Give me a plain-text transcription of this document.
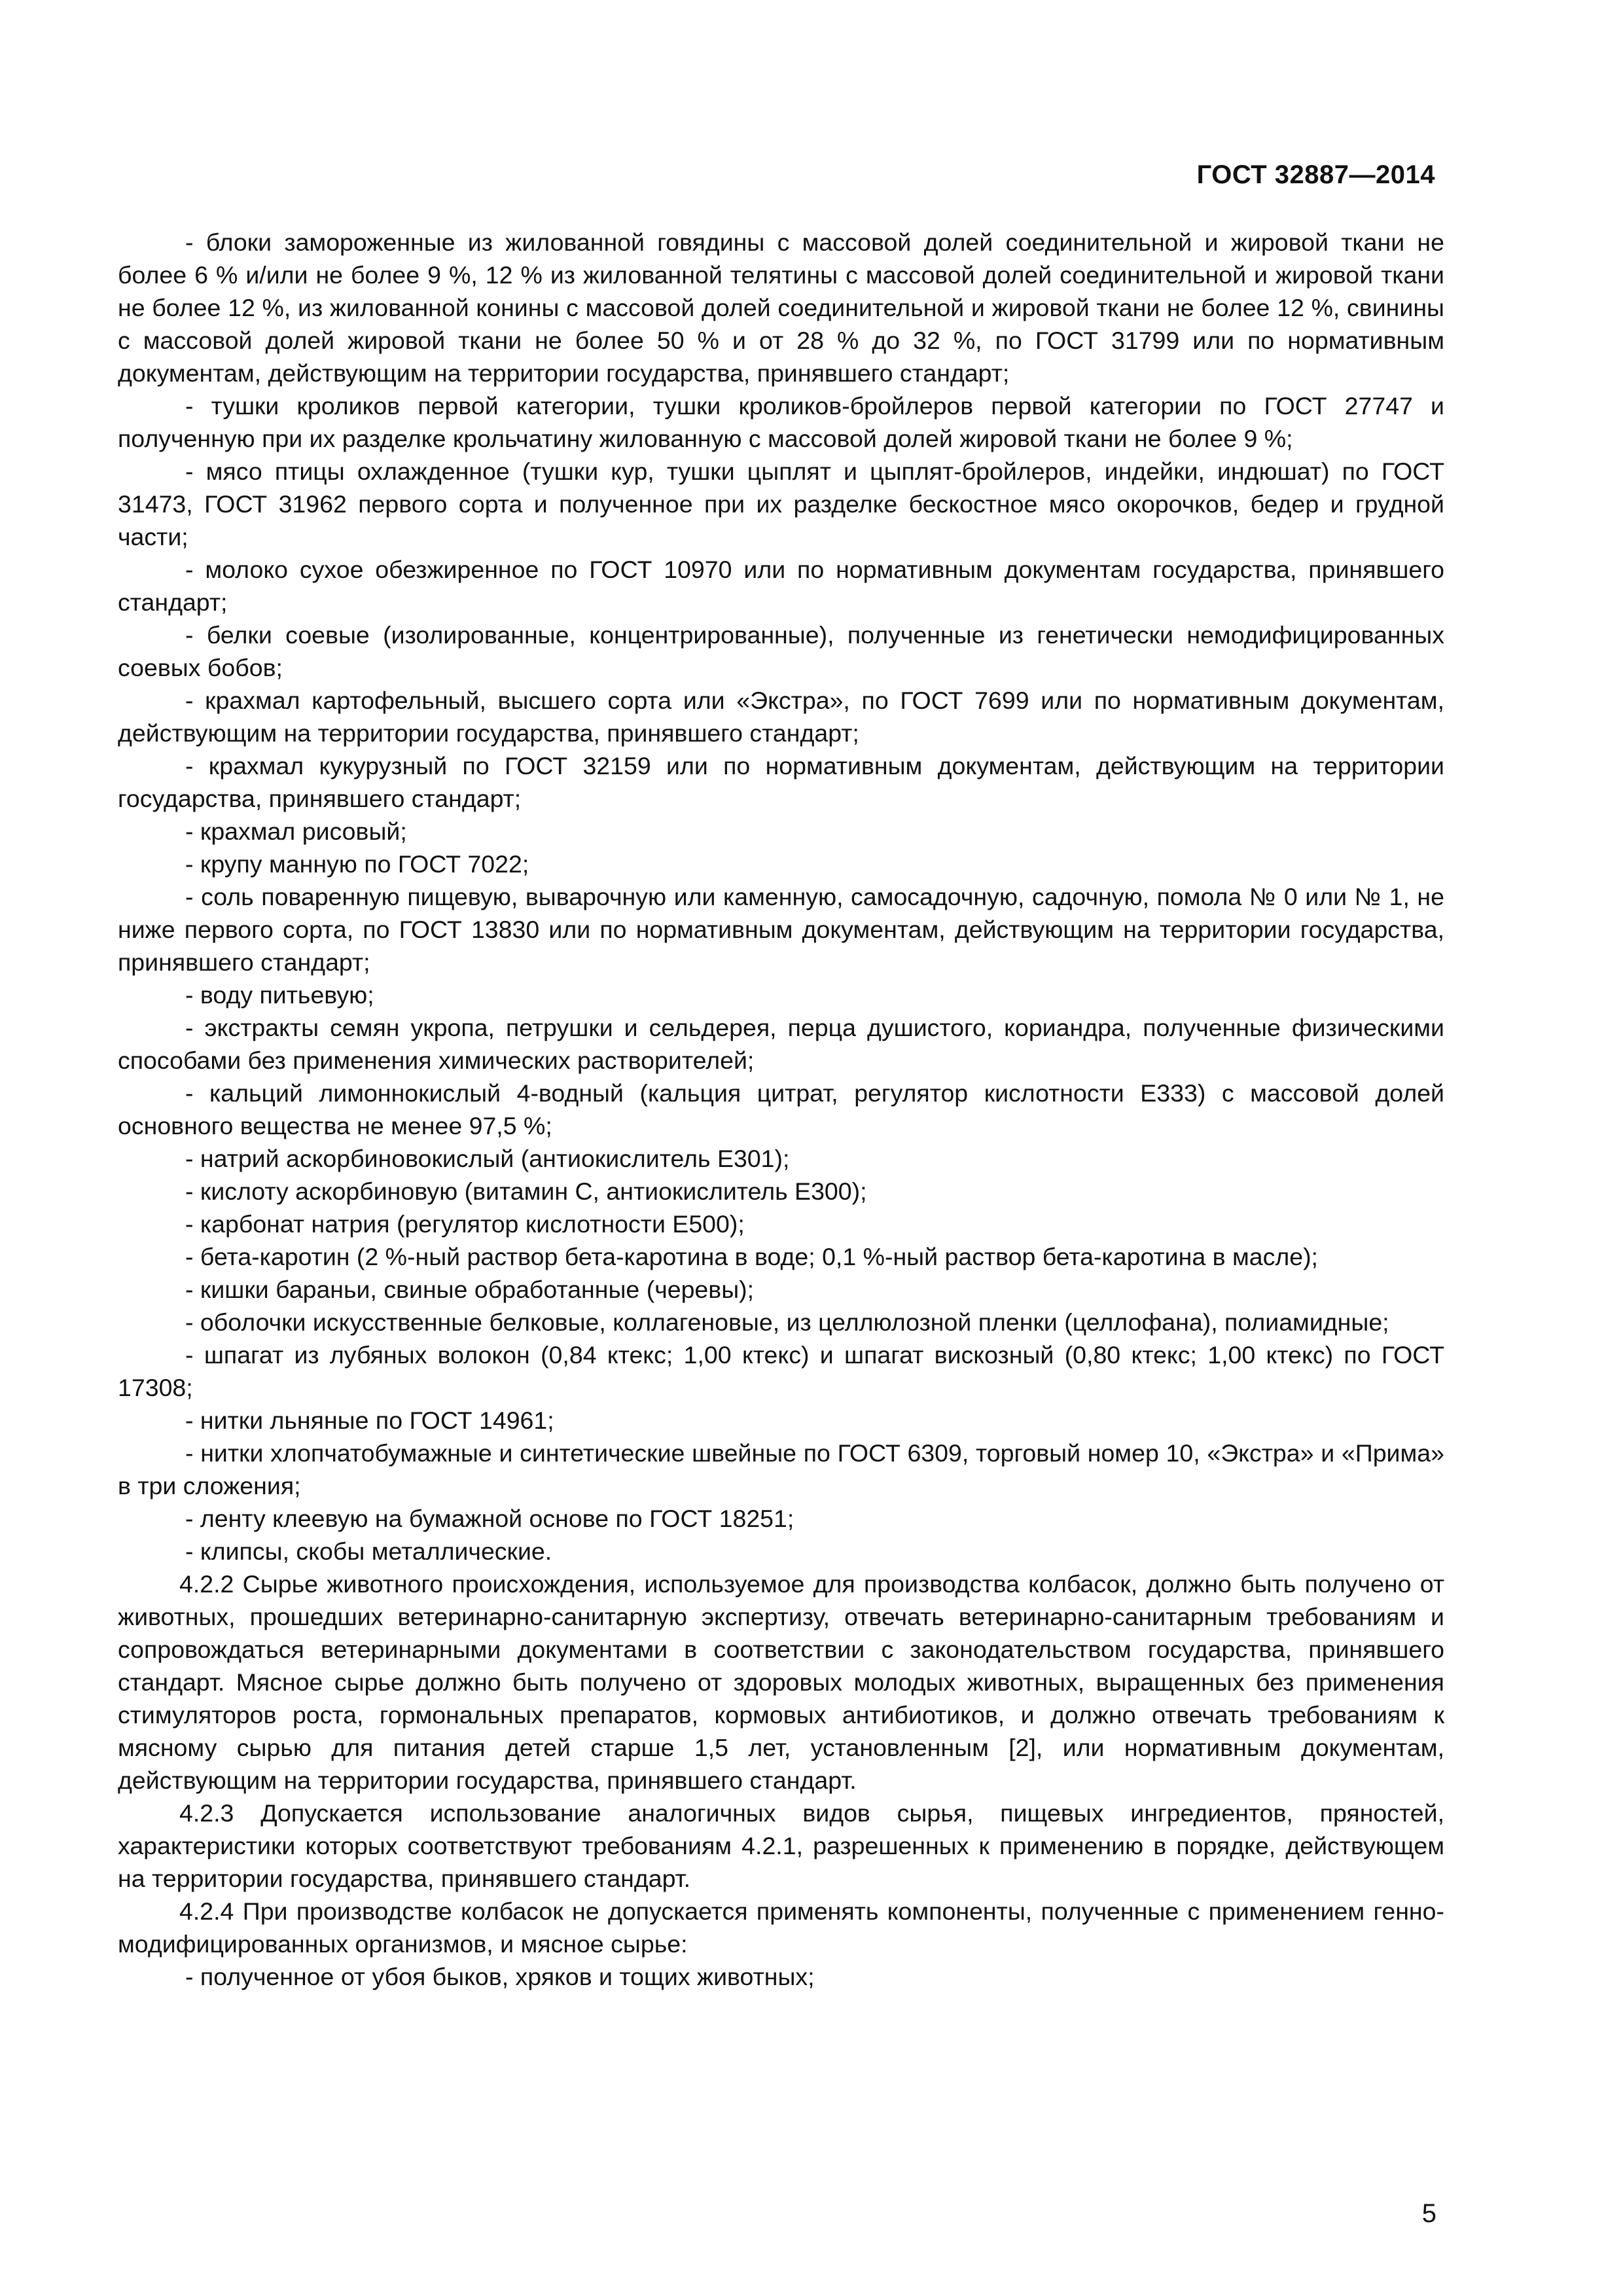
ГОСТ 32887—2014

- блоки замороженные из жилованной говядины с массовой долей соединительной и жировой ткани не более 6 % и/или не более 9 %, 12 % из жилованной телятины с массовой долей соединительной и жировой ткани не более 12 %, из жилованной конины с массовой долей соединительной и жировой ткани не более 12 %, свинины с массовой долей жировой ткани не более 50 % и от 28 % до 32 %, по ГОСТ 31799 или по нормативным документам, действующим на территории государства, принявшего стандарт;

- тушки кроликов первой категории, тушки кроликов-бройлеров первой категории по ГОСТ 27747 и полученную при их разделке крольчатину жилованную с массовой долей жировой ткани не более 9 %;

- мясо птицы охлажденное (тушки кур, тушки цыплят и цыплят-бройлеров, индейки, индюшат) по ГОСТ 31473, ГОСТ 31962 первого сорта и полученное при их разделке бескостное мясо окорочков, бедер и грудной части;

- молоко сухое обезжиренное по ГОСТ 10970 или по нормативным документам государства, принявшего стандарт;

- белки соевые (изолированные, концентрированные), полученные из генетически немодифицированных соевых бобов;

- крахмал картофельный, высшего сорта или «Экстра», по ГОСТ 7699 или по нормативным документам, действующим на территории государства, принявшего стандарт;

- крахмал кукурузный по ГОСТ 32159 или по нормативным документам, действующим на территории государства, принявшего стандарт;

- крахмал рисовый;

- крупу манную по ГОСТ 7022;

- соль поваренную пищевую, выварочную или каменную, самосадочную, садочную, помола № 0 или № 1, не ниже первого сорта, по ГОСТ 13830 или по нормативным документам, действующим на территории государства, принявшего стандарт;

- воду питьевую;

- экстракты семян укропа, петрушки и сельдерея, перца душистого, кориандра, полученные физическими способами без применения химических растворителей;

- кальций лимоннокислый 4-водный (кальция цитрат, регулятор кислотности E333) с массовой долей основного вещества не менее 97,5 %;

- натрий аскорбиновокислый (антиокислитель E301);

- кислоту аскорбиновую (витамин С, антиокислитель E300);

- карбонат натрия (регулятор кислотности E500);

- бета-каротин (2 %-ный раствор бета-каротина в воде; 0,1 %-ный раствор бета-каротина в масле);

- кишки бараньи, свиные обработанные (черевы);

- оболочки искусственные белковые, коллагеновые, из целлюлозной пленки (целлофана), полиамидные;

- шпагат из лубяных волокон (0,84 ктекс; 1,00 ктекс) и шпагат вискозный (0,80 ктекс; 1,00 ктекс) по ГОСТ 17308;

- нитки льняные по ГОСТ 14961;

- нитки хлопчатобумажные и синтетические швейные по ГОСТ 6309, торговый номер 10, «Экстра» и «Прима» в три сложения;

- ленту клеевую на бумажной основе по ГОСТ 18251;

- клипсы, скобы металлические.

4.2.2 Сырье животного происхождения, используемое для производства колбасок, должно быть получено от животных, прошедших ветеринарно-санитарную экспертизу, отвечать ветеринарно-санитарным требованиям и сопровождаться ветеринарными документами в соответствии с законодательством государства, принявшего стандарт. Мясное сырье должно быть получено от здоровых молодых животных, выращенных без применения стимуляторов роста, гормональных препаратов, кормовых антибиотиков, и должно отвечать требованиям к мясному сырью для питания детей старше 1,5 лет, установленным [2], или нормативным документам, действующим на территории государства, принявшего стандарт.

4.2.3 Допускается использование аналогичных видов сырья, пищевых ингредиентов, пряностей, характеристики которых соответствуют требованиям 4.2.1, разрешенных к применению в порядке, действующем на территории государства, принявшего стандарт.

4.2.4 При производстве колбасок не допускается применять компоненты, полученные с применением генно-модифицированных организмов, и мясное сырье:

- полученное от убоя быков, хряков и тощих животных;

5
